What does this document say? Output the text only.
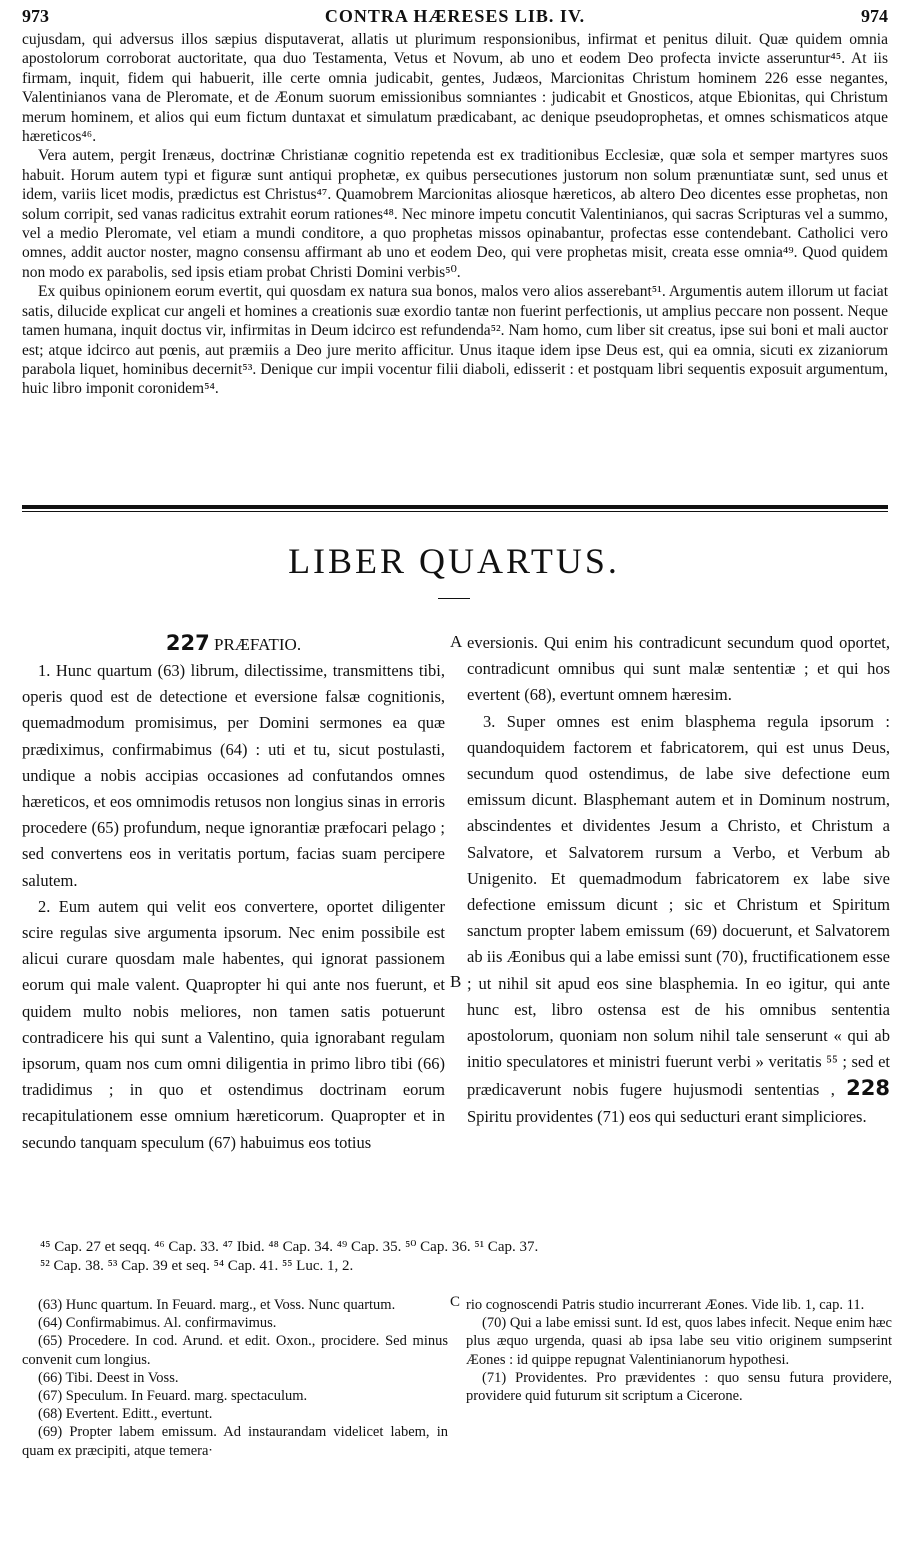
973	CONTRA HÆRESES LIB. IV.	974

cujusdam, qui adversus illos sæpius disputaverat, allatis ut plurimum responsionibus, infirmat et penitus diluit. Quæ quidem omnia apostolorum corroborat auctoritate, qua duo Testamenta, Vetus et Novum, ab uno et eodem Deo profecta invicte asseruntur⁴⁵. At iis firmam, inquit, fidem qui habuerit, ille certe omnia judicabit, gentes, Judæos, Marcionitas Christum hominem 226 esse negantes, Valentinianos vana de Pleromate, et de Æonum suorum emissionibus somniantes : judicabit et Gnosticos, atque Ebionitas, qui Christum merum hominem, et alios qui eum fictum duntaxat et simulatum prædicabant, ac denique pseudoprophetas, et omnes schismaticos atque hæreticos⁴⁶.

Vera autem, pergit Irenæus, doctrinæ Christianæ cognitio repetenda est ex traditionibus Ecclesiæ, quæ sola et semper martyres suos habuit. Horum autem typi et figuræ sunt antiqui prophetæ, ex quibus persecutiones justorum non solum prænuntiatæ sunt, sed unus et idem, variis licet modis, prædictus est Christus⁴⁷. Quamobrem Marcionitas aliosque hæreticos, ab altero Deo dicentes esse prophetas, non solum corripit, sed vanas radicitus extrahit eorum rationes⁴⁸. Nec minore impetu concutit Valentinianos, qui sacras Scripturas vel a summo, vel a medio Pleromate, vel etiam a mundi conditore, a quo prophetas missos opinabantur, profectas esse contendebant. Catholici vero omnes, addit auctor noster, magno consensu affirmant ab uno et eodem Deo, qui vere prophetas misit, creata esse omnia⁴⁹. Quod quidem non modo ex parabolis, sed ipsis etiam probat Christi Domini verbis⁵⁰.

Ex quibus opinionem eorum evertit, qui quosdam ex natura sua bonos, malos vero alios asserebant⁵¹. Argumentis autem illorum ut faciat satis, dilucide explicat cur angeli et homines a creationis suæ exordio tantæ non fuerint perfectionis, ut amplius peccare non possent. Neque tamen humana, inquit doctus vir, infirmitas in Deum idcirco est refundenda⁵². Nam homo, cum liber sit creatus, ipse sui boni et mali auctor est; atque idcirco aut pœnis, aut præmiis a Deo jure merito afficitur. Unus itaque idem ipse Deus est, qui ea omnia, sicuti ex zizaniorum parabola liquet, hominibus decernit⁵³. Denique cur impii vocentur filii diaboli, edisserit : et postquam libri sequentis exposuit argumentum, huic libro imponit coronidem⁵⁴.

LIBER QUARTUS.
227 PRÆFATIO.

1. Hunc quartum (63) librum, dilectissime, transmittens tibi, operis quod est de detectione et eversione falsæ cognitionis, quemadmodum promisimus, per Domini sermones ea quæ prædiximus, confirmabimus (64) : uti et tu, sicut postulasti, undique a nobis accipias occasiones ad confutandos omnes hæreticos, et eos omnimodis retusos non longius sinas in erroris procedere (65) profundum, neque ignorantiæ præfocari pelago ; sed convertens eos in veritatis portum, facias suam percipere salutem.

2. Eum autem qui velit eos convertere, oportet diligenter scire regulas sive argumenta ipsorum. Nec enim possibile est alicui curare quosdam male habentes, qui ignorat passionem eorum qui male valent. Quapropter hi qui ante nos fuerunt, et quidem multo nobis meliores, non tamen satis potuerunt contradicere his qui sunt a Valentino, quia ignorabant regulam ipsorum, quam nos cum omni diligentia in primo libro tibi (66) tradidimus ; in quo et ostendimus doctrinam eorum recapitulationem esse omnium hæreticorum. Quapropter et in secundo tanquam speculum (67) habuimus eos totius

A
B

eversionis. Qui enim his contradicunt secundum quod oportet, contradicunt omnibus qui sunt malæ sententiæ ; et qui hos evertent (68), evertunt omnem hæresim.

3. Super omnes est enim blasphema regula ipsorum : quandoquidem factorem et fabricatorem, qui est unus Deus, secundum quod ostendimus, de labe sive defectione eum emissum dicunt. Blasphemant autem et in Dominum nostrum, abscindentes et dividentes Jesum a Christo, et Christum a Salvatore, et Salvatorem rursum a Verbo, et Verbum ab Unigenito. Et quemadmodum fabricatorem ex labe sive defectione emissum dicunt ; sic et Christum et Spiritum sanctum propter labem emissum (69) docuerunt, et Salvatorem ab iis Æonibus qui a labe emissi sunt (70), fructificationem esse ; ut nihil sit apud eos sine blasphemia. In eo igitur, qui ante hunc est, libro ostensa est de his omnibus sententia apostolorum, quoniam non solum nihil tale senserunt « qui ab initio speculatores et ministri fuerunt verbi » veritatis ⁵⁵ ; sed et prædicaverunt nobis fugere hujusmodi sententias , 228 Spiritu providentes (71) eos qui seducturi erant simpliciores.

⁴⁵ Cap. 27 et seqq. ⁴⁶ Cap. 33. ⁴⁷ Ibid. ⁴⁸ Cap. 34. ⁴⁹ Cap. 35. ⁵⁰ Cap. 36. ⁵¹ Cap. 37.
⁵² Cap. 38. ⁵³ Cap. 39 et seq. ⁵⁴ Cap. 41. ⁵⁵ Luc. 1, 2.
C

(63) Hunc quartum. In Feuard. marg., et Voss. Nunc quartum.

(64) Confirmabimus. Al. confirmavimus.

(65) Procedere. In cod. Arund. et edit. Oxon., procidere. Sed minus convenit cum longius.

(66) Tibi. Deest in Voss.

(67) Speculum. In Feuard. marg. spectaculum.

(68) Evertent. Editt., evertunt.

(69) Propter labem emissum. Ad instaurandam videlicet labem, in quam ex præcipiti, atque temeraᐧ

rio cognoscendi Patris studio incurrerant Æones. Vide lib. 1, cap. 11.

(70) Qui a labe emissi sunt. Id est, quos labes infecit. Neque enim hæc plus æquo urgenda, quasi ab ipsa labe seu vitio originem sumpserint Æones : id quippe repugnat Valentinianorum hypothesi.

(71) Providentes. Pro prævidentes : quo sensu futura providere, providere quid futurum sit scriptum a Cicerone.
